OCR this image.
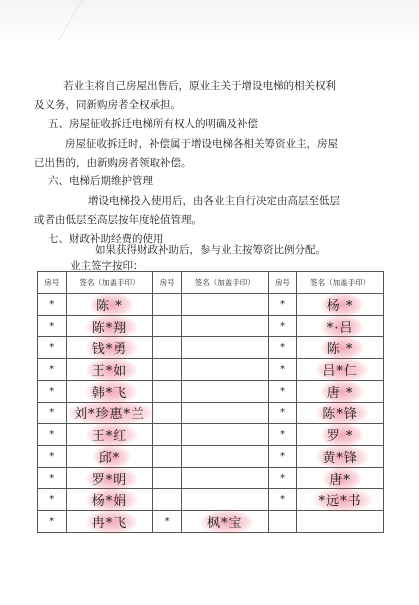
若业主将自己房屋出售后，原业主关于增设电梯的相关权利
及义务，同新购房者全权承担。
五、房屋征收拆迁电梯所有权人的明确及补偿
房屋征收拆迁时，补偿属于增设电梯各相关筹资业主，房屋
已出售的，由新购房者领取补偿。
六、电梯后期维护管理
增设电梯投入使用后，由各业主自行决定由高层至低层
或者由低层至高层按年度轮值管理。
七、财政补助经费的使用
如果获得财政补助后，参与业主按筹资比例分配。
业主签字按印：
房号	签名（加盖手印）	房号	签名（加盖手印）	房号	签名（加盖手印）
*	陈 *			*	杨 *
*	陈*翔			*	*·吕
*	钱*勇			*	陈 *
*	王*如			*	吕*仁
*	韩*飞			*	唐 *
*	刘*珍惠*兰			*	陈*锋
*	王*红			*	罗 *
*	邱*			*	黄*锋
*	罗*明			*	唐*
*	杨*娟			*	*远*书
*	冉*飞	*	枫*宝		
